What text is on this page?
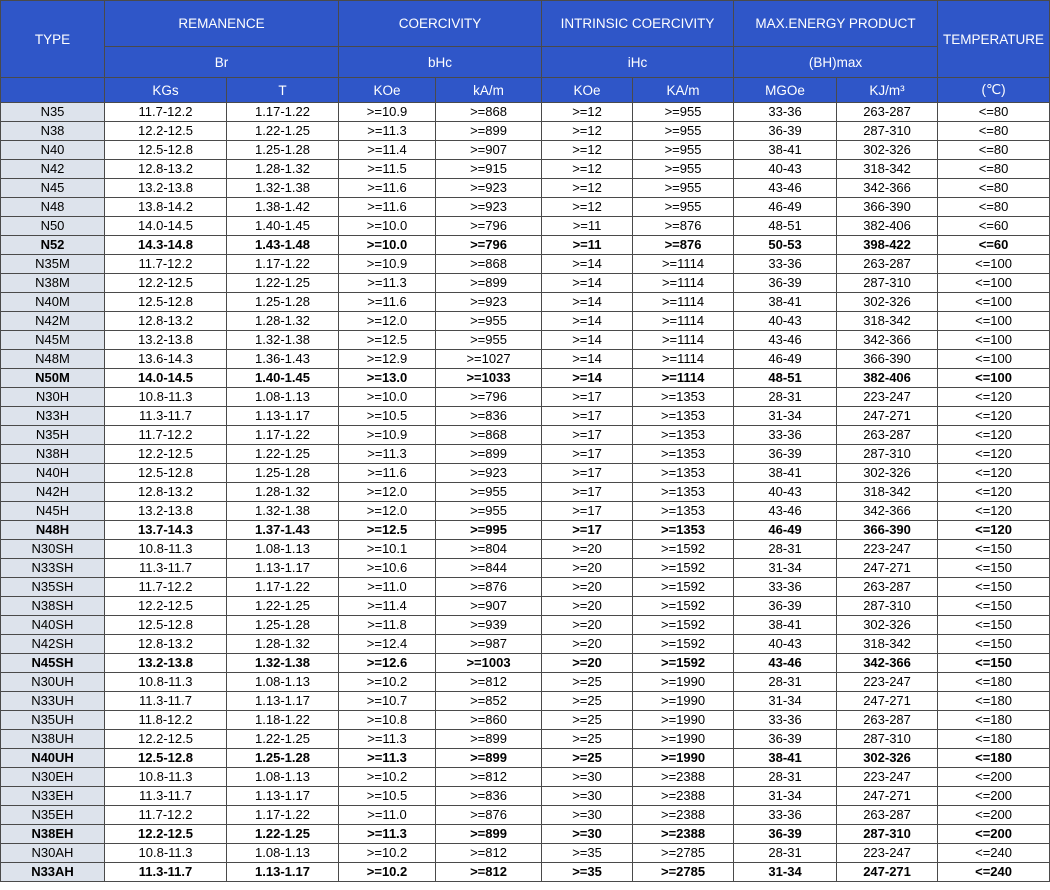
TYPE	REMANENCE		COERCIVITY		INTRINSIC COERCIVITY		MAX.ENERGY PRODUCT		TEMPERATURE
	Br		bHc		iHc		(BH)max		
	KGs	T	KOe	kA/m	KOe	KA/m	MGOe	KJ/m³	(℃)
N35	11.7-12.2	1.17-1.22	>=10.9	>=868	>=12	>=955	33-36	263-287	<=80
N38	12.2-12.5	1.22-1.25	>=11.3	>=899	>=12	>=955	36-39	287-310	<=80
N40	12.5-12.8	1.25-1.28	>=11.4	>=907	>=12	>=955	38-41	302-326	<=80
N42	12.8-13.2	1.28-1.32	>=11.5	>=915	>=12	>=955	40-43	318-342	<=80
N45	13.2-13.8	1.32-1.38	>=11.6	>=923	>=12	>=955	43-46	342-366	<=80
N48	13.8-14.2	1.38-1.42	>=11.6	>=923	>=12	>=955	46-49	366-390	<=80
N50	14.0-14.5	1.40-1.45	>=10.0	>=796	>=11	>=876	48-51	382-406	<=60
N52	14.3-14.8	1.43-1.48	>=10.0	>=796	>=11	>=876	50-53	398-422	<=60
N35M	11.7-12.2	1.17-1.22	>=10.9	>=868	>=14	>=1114	33-36	263-287	<=100
N38M	12.2-12.5	1.22-1.25	>=11.3	>=899	>=14	>=1114	36-39	287-310	<=100
N40M	12.5-12.8	1.25-1.28	>=11.6	>=923	>=14	>=1114	38-41	302-326	<=100
N42M	12.8-13.2	1.28-1.32	>=12.0	>=955	>=14	>=1114	40-43	318-342	<=100
N45M	13.2-13.8	1.32-1.38	>=12.5	>=955	>=14	>=1114	43-46	342-366	<=100
N48M	13.6-14.3	1.36-1.43	>=12.9	>=1027	>=14	>=1114	46-49	366-390	<=100
N50M	14.0-14.5	1.40-1.45	>=13.0	>=1033	>=14	>=1114	48-51	382-406	<=100
N30H	10.8-11.3	1.08-1.13	>=10.0	>=796	>=17	>=1353	28-31	223-247	<=120
N33H	11.3-11.7	1.13-1.17	>=10.5	>=836	>=17	>=1353	31-34	247-271	<=120
N35H	11.7-12.2	1.17-1.22	>=10.9	>=868	>=17	>=1353	33-36	263-287	<=120
N38H	12.2-12.5	1.22-1.25	>=11.3	>=899	>=17	>=1353	36-39	287-310	<=120
N40H	12.5-12.8	1.25-1.28	>=11.6	>=923	>=17	>=1353	38-41	302-326	<=120
N42H	12.8-13.2	1.28-1.32	>=12.0	>=955	>=17	>=1353	40-43	318-342	<=120
N45H	13.2-13.8	1.32-1.38	>=12.0	>=955	>=17	>=1353	43-46	342-366	<=120
N48H	13.7-14.3	1.37-1.43	>=12.5	>=995	>=17	>=1353	46-49	366-390	<=120
N30SH	10.8-11.3	1.08-1.13	>=10.1	>=804	>=20	>=1592	28-31	223-247	<=150
N33SH	11.3-11.7	1.13-1.17	>=10.6	>=844	>=20	>=1592	31-34	247-271	<=150
N35SH	11.7-12.2	1.17-1.22	>=11.0	>=876	>=20	>=1592	33-36	263-287	<=150
N38SH	12.2-12.5	1.22-1.25	>=11.4	>=907	>=20	>=1592	36-39	287-310	<=150
N40SH	12.5-12.8	1.25-1.28	>=11.8	>=939	>=20	>=1592	38-41	302-326	<=150
N42SH	12.8-13.2	1.28-1.32	>=12.4	>=987	>=20	>=1592	40-43	318-342	<=150
N45SH	13.2-13.8	1.32-1.38	>=12.6	>=1003	>=20	>=1592	43-46	342-366	<=150
N30UH	10.8-11.3	1.08-1.13	>=10.2	>=812	>=25	>=1990	28-31	223-247	<=180
N33UH	11.3-11.7	1.13-1.17	>=10.7	>=852	>=25	>=1990	31-34	247-271	<=180
N35UH	11.8-12.2	1.18-1.22	>=10.8	>=860	>=25	>=1990	33-36	263-287	<=180
N38UH	12.2-12.5	1.22-1.25	>=11.3	>=899	>=25	>=1990	36-39	287-310	<=180
N40UH	12.5-12.8	1.25-1.28	>=11.3	>=899	>=25	>=1990	38-41	302-326	<=180
N30EH	10.8-11.3	1.08-1.13	>=10.2	>=812	>=30	>=2388	28-31	223-247	<=200
N33EH	11.3-11.7	1.13-1.17	>=10.5	>=836	>=30	>=2388	31-34	247-271	<=200
N35EH	11.7-12.2	1.17-1.22	>=11.0	>=876	>=30	>=2388	33-36	263-287	<=200
N38EH	12.2-12.5	1.22-1.25	>=11.3	>=899	>=30	>=2388	36-39	287-310	<=200
N30AH	10.8-11.3	1.08-1.13	>=10.2	>=812	>=35	>=2785	28-31	223-247	<=240
N33AH	11.3-11.7	1.13-1.17	>=10.2	>=812	>=35	>=2785	31-34	247-271	<=240
